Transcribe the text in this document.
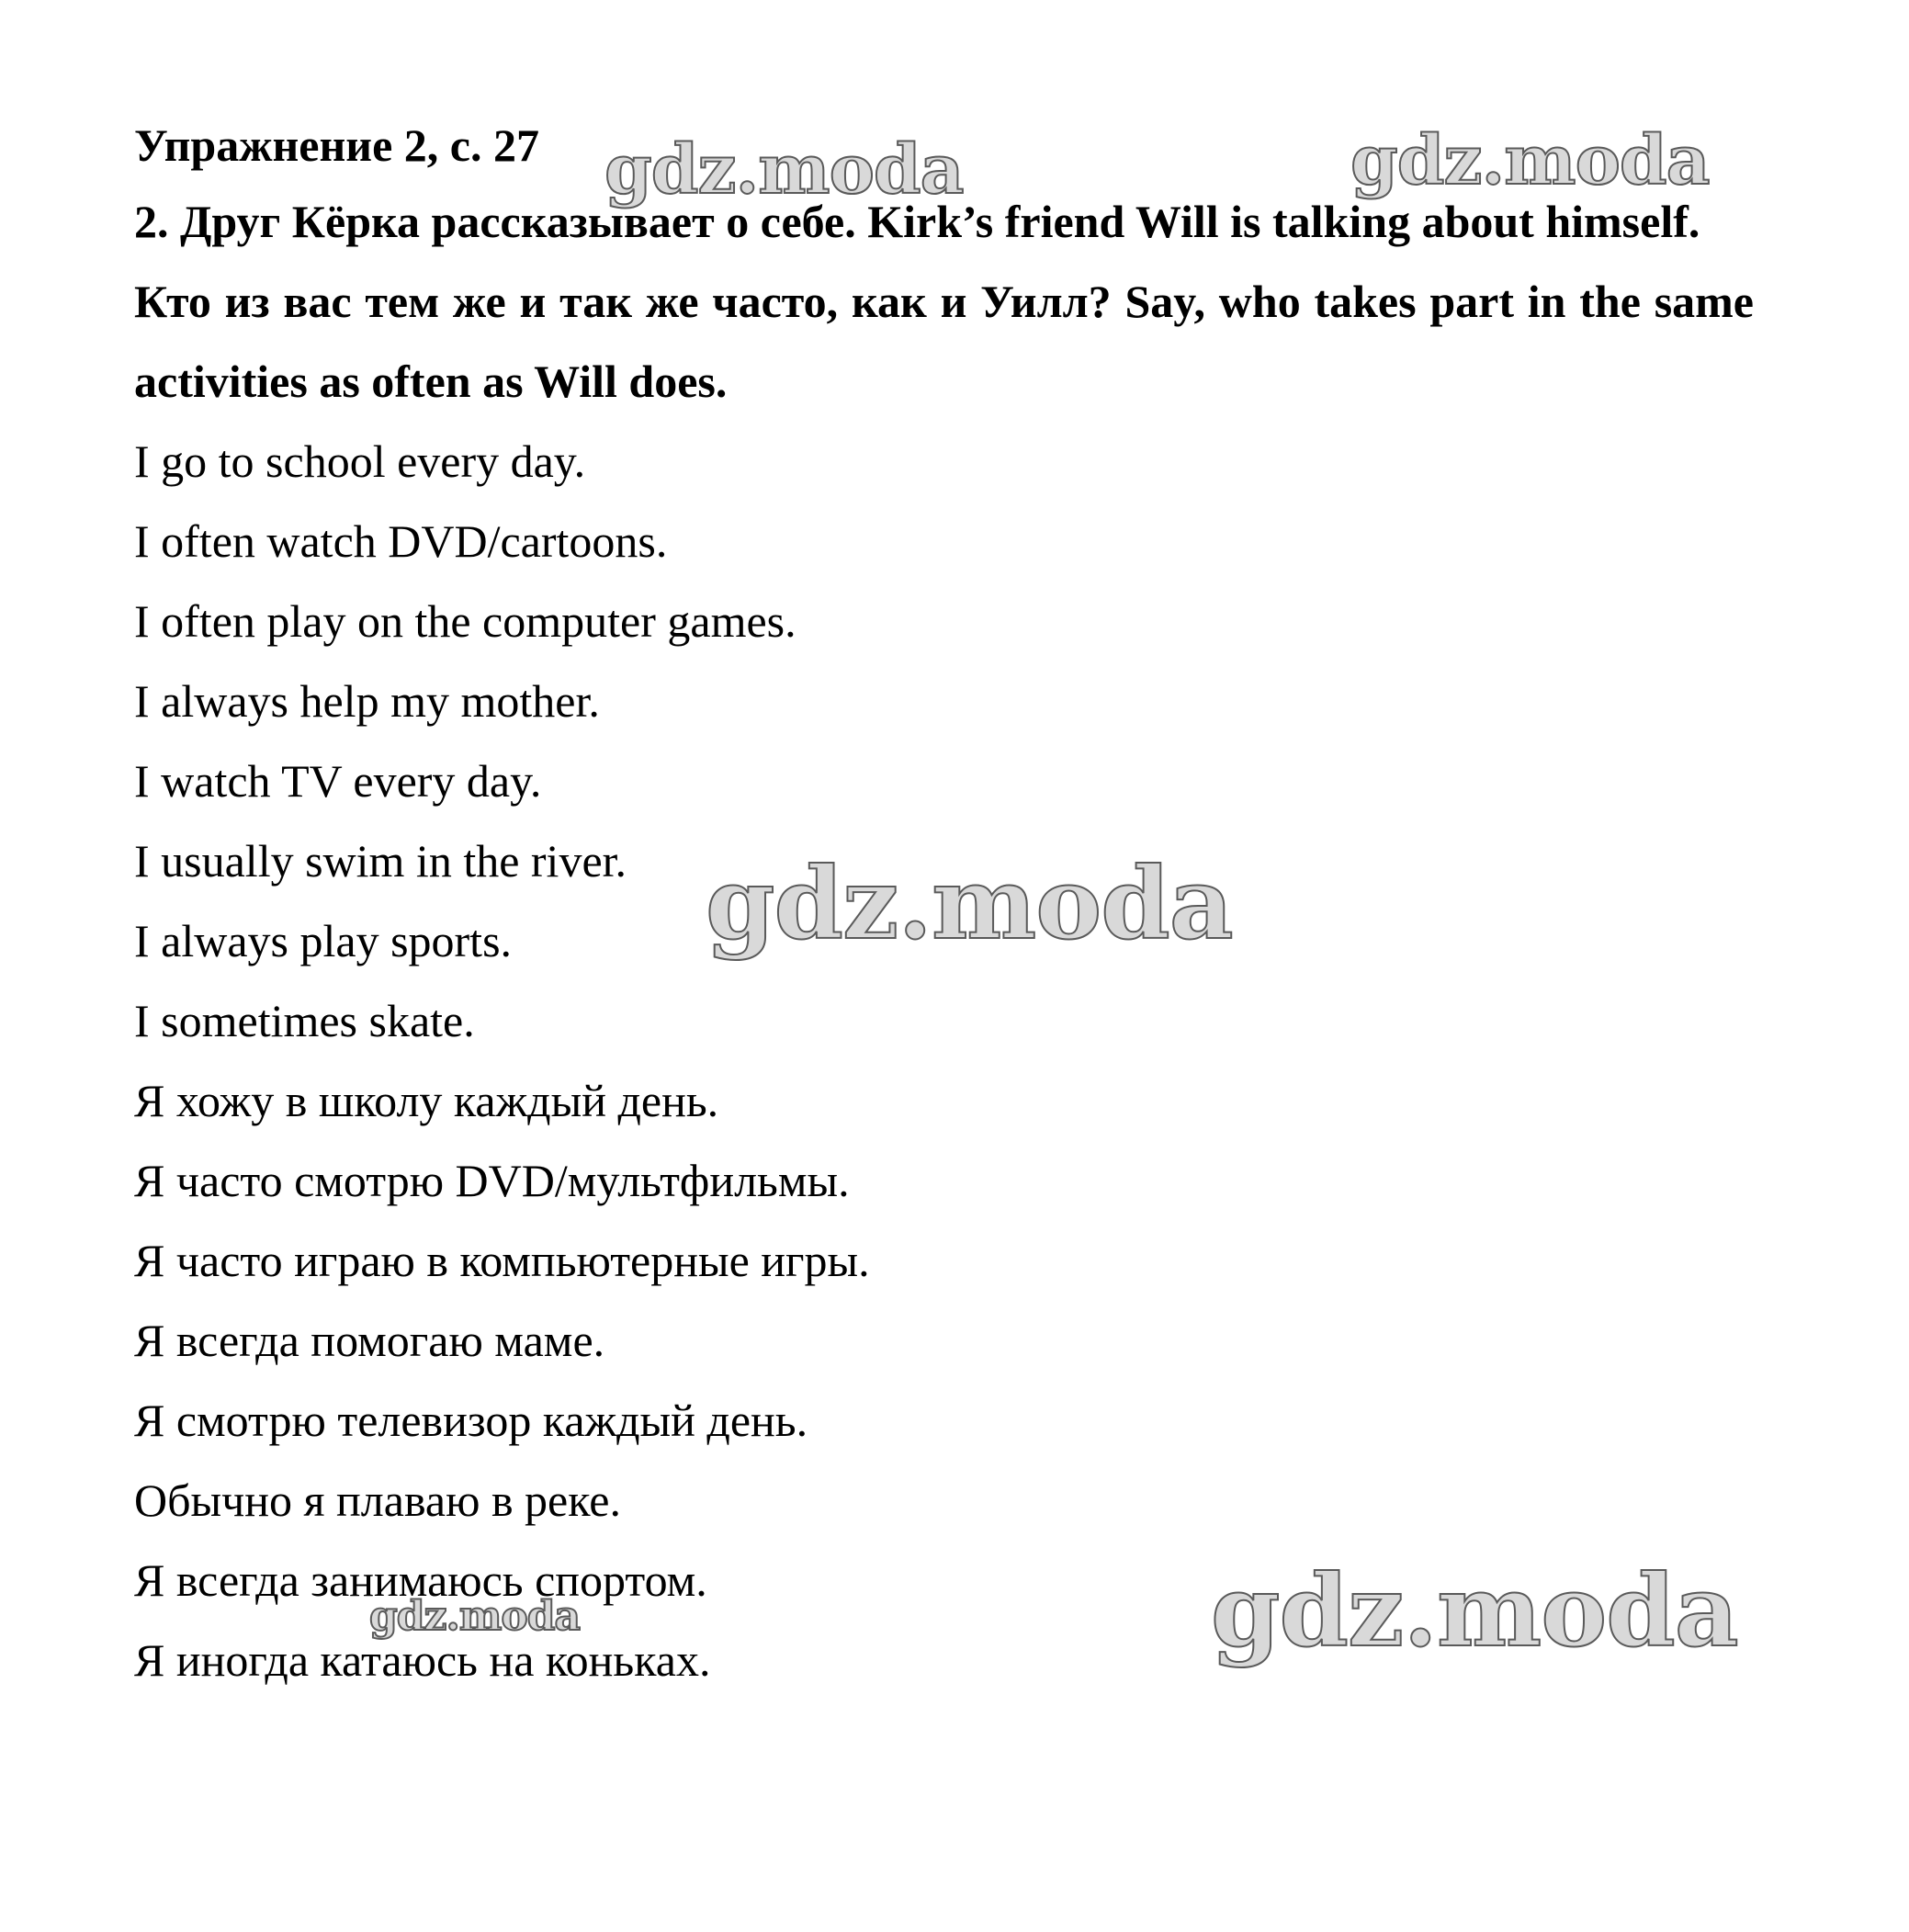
Упражнение 2, с. 27

2. Друг Кёрка рассказывает о себе. Kirk’s friend Will is talking about himself.

Кто из вас тем же и так же часто, как и Уилл? Say, who takes part in the same activities as often as Will does.

I go to school every day.

I often watch DVD/cartoons.

I often play on the computer games.

I always help my mother.

I watch TV every day.

I usually swim in the river.

I always play sports.

I sometimes skate.

Я хожу в школу каждый день.

Я часто смотрю DVD/мультфильмы.

Я часто играю в компьютерные игры.

Я всегда помогаю маме.

Я смотрю телевизор каждый день.

Обычно я плаваю в реке.

Я всегда занимаюсь спортом.

Я иногда катаюсь на коньках.

gdz.moda	gdz.moda
gdz.moda
gdz.moda
gdz.moda
